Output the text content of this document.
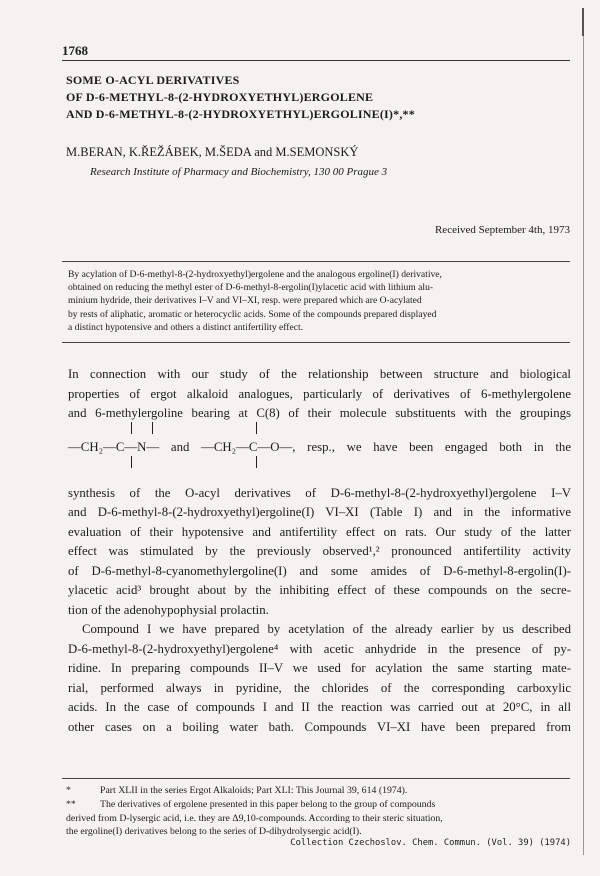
1768
SOME O-ACYL DERIVATIVES
OF D-6-METHYL-8-(2-HYDROXYETHYL)ERGOLENE
AND D-6-METHYL-8-(2-HYDROXYETHYL)ERGOLINE(I)*,**
M.BERAN, K.ŘEŽÁBEK, M.ŠEDA and M.SEMONSKÝ
Research Institute of Pharmacy and Biochemistry, 130 00 Prague 3
Received September 4th, 1973
By acylation of D-6-methyl-8-(2-hydroxyethyl)ergolene and the analogous ergoline(I) derivative,
obtained on reducing the methyl ester of D-6-methyl-8-ergolin(I)ylacetic acid with lithium alu-
minium hydride, their derivatives I–V and VI–XI, resp. were prepared which are O-acylated
by rests of aliphatic, aromatic or heterocyclic acids. Some of the compounds prepared displayed
a distinct hypotensive and others a distinct antifertility effect.
In connection with our study of the relationship between structure and biological
properties of ergot alkaloid analogues, particularly of derivatives of 6-methylergolene
and 6-methylergoline bearing at C(8) of their molecule substituents with the groupings
—CH₂—C—N— and —CH₂—C—O—, resp., we have been engaged both in the
synthesis of the O-acyl derivatives of D-6-methyl-8-(2-hydroxyethyl)ergolene I–V
and D-6-methyl-8-(2-hydroxyethyl)ergoline(I) VI–XI (Table I) and in the informative
evaluation of their hypotensive and antifertility effect on rats. Our study of the latter
effect was stimulated by the previously observed¹,² pronounced antifertility activity
of D-6-methyl-8-cyanomethylergoline(I) and some amides of D-6-methyl-8-ergolin(I)-
ylacetic acid³ brought about by the inhibiting effect of these compounds on the secre-
tion of the adenohypophysial prolactin.
Compound I we have prepared by acetylation of the already earlier by us described
D-6-methyl-8-(2-hydroxyethyl)ergolene⁴ with acetic anhydride in the presence of py-
ridine. In preparing compounds II–V we used for acylation the same starting mate-
rial, performed always in pyridine, the chlorides of the corresponding carboxylic
acids. In the case of compounds I and II the reaction was carried out at 20°C, in all
other cases on a boiling water bath. Compounds VI–XI have been prepared from
*	Part XLII in the series Ergot Alkaloids; Part XLI: This Journal 39, 614 (1974).
** The derivatives of ergolene presented in this paper belong to the group of compounds
derived from D-lysergic acid, i.e. they are Δ9,10-compounds. According to their steric situation,
the ergoline(I) derivatives belong to the series of D-dihydrolysergic acid(I).
Collection Czechoslov. Chem. Commun. (Vol. 39) (1974)
